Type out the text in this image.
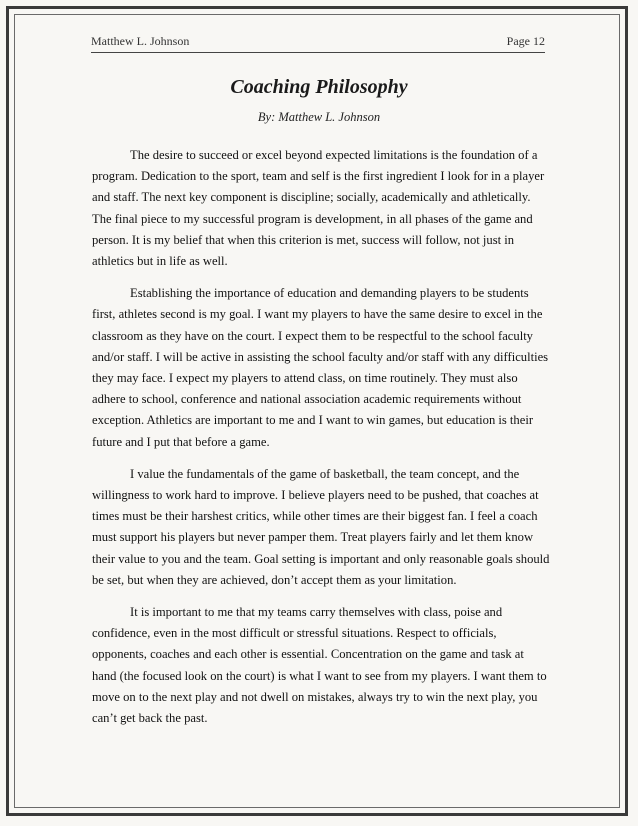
Matthew L. Johnson	Page 12
Coaching Philosophy
By: Matthew L. Johnson

The desire to succeed or excel beyond expected limitations is the foundation of a program. Dedication to the sport, team and self is the first ingredient I look for in a player and staff. The next key component is discipline; socially, academically and athletically. The final piece to my successful program is development, in all phases of the game and person. It is my belief that when this criterion is met, success will follow, not just in athletics but in life as well.

Establishing the importance of education and demanding players to be students first, athletes second is my goal. I want my players to have the same desire to excel in the classroom as they have on the court. I expect them to be respectful to the school faculty and/or staff. I will be active in assisting the school faculty and/or staff with any difficulties they may face. I expect my players to attend class, on time routinely. They must also adhere to school, conference and national association academic requirements without exception. Athletics are important to me and I want to win games, but education is their future and I put that before a game.

I value the fundamentals of the game of basketball, the team concept, and the willingness to work hard to improve. I believe players need to be pushed, that coaches at times must be their harshest critics, while other times are their biggest fan. I feel a coach must support his players but never pamper them. Treat players fairly and let them know their value to you and the team. Goal setting is important and only reasonable goals should be set, but when they are achieved, don’t accept them as your limitation.

It is important to me that my teams carry themselves with class, poise and confidence, even in the most difficult or stressful situations. Respect to officials, opponents, coaches and each other is essential. Concentration on the game and task at hand (the focused look on the court) is what I want to see from my players. I want them to move on to the next play and not dwell on mistakes, always try to win the next play, you can’t get back the past.
